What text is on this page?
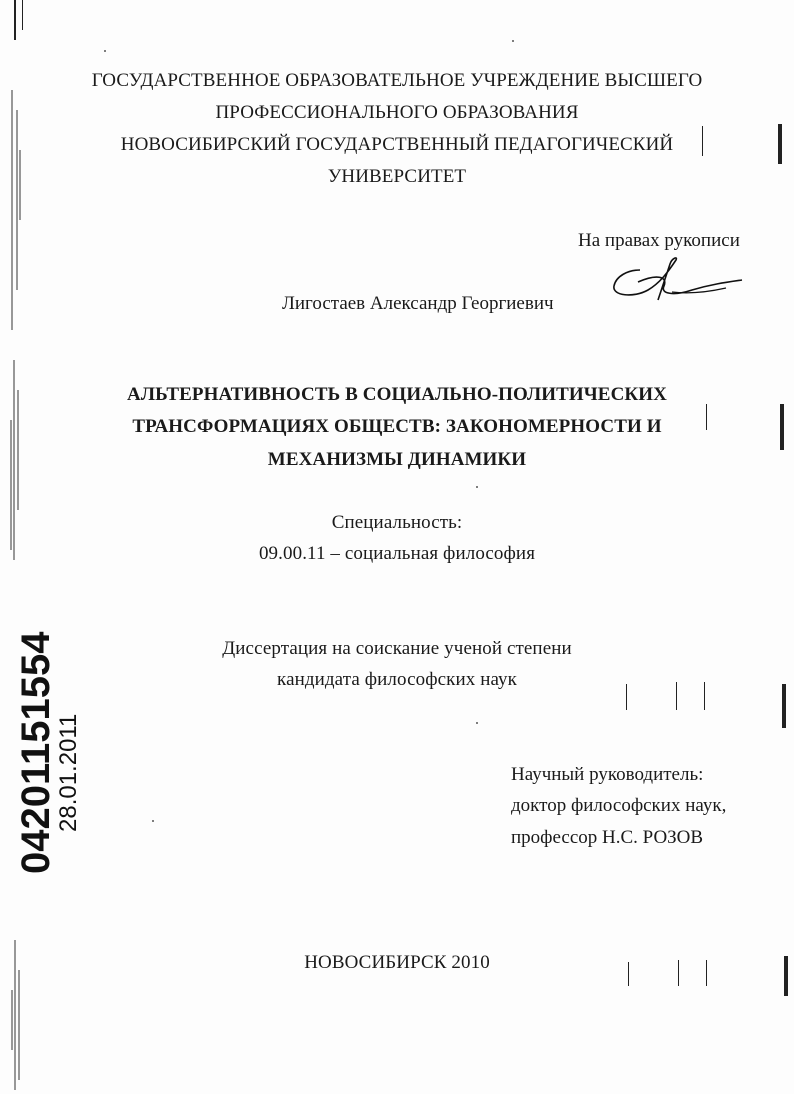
ГОСУДАРСТВЕННОЕ ОБРАЗОВАТЕЛЬНОЕ УЧРЕЖДЕНИЕ ВЫСШЕГО
ПРОФЕССИОНАЛЬНОГО ОБРАЗОВАНИЯ
НОВОСИБИРСКИЙ ГОСУДАРСТВЕННЫЙ ПЕДАГОГИЧЕСКИЙ
УНИВЕРСИТЕТ
На правах рукописи
Лигостаев Александр Георгиевич
АЛЬТЕРНАТИВНОСТЬ В СОЦИАЛЬНО-ПОЛИТИЧЕСКИХ
ТРАНСФОРМАЦИЯХ ОБЩЕСТВ: ЗАКОНОМЕРНОСТИ И
МЕХАНИЗМЫ ДИНАМИКИ
Специальность:
09.00.11 – социальная философия
Диссертация на соискание ученой степени
кандидата философских наук
Научный руководитель:
доктор философских наук,
профессор Н.С. РОЗОВ
НОВОСИБИРСК 2010
04201151554
28.01.2011
